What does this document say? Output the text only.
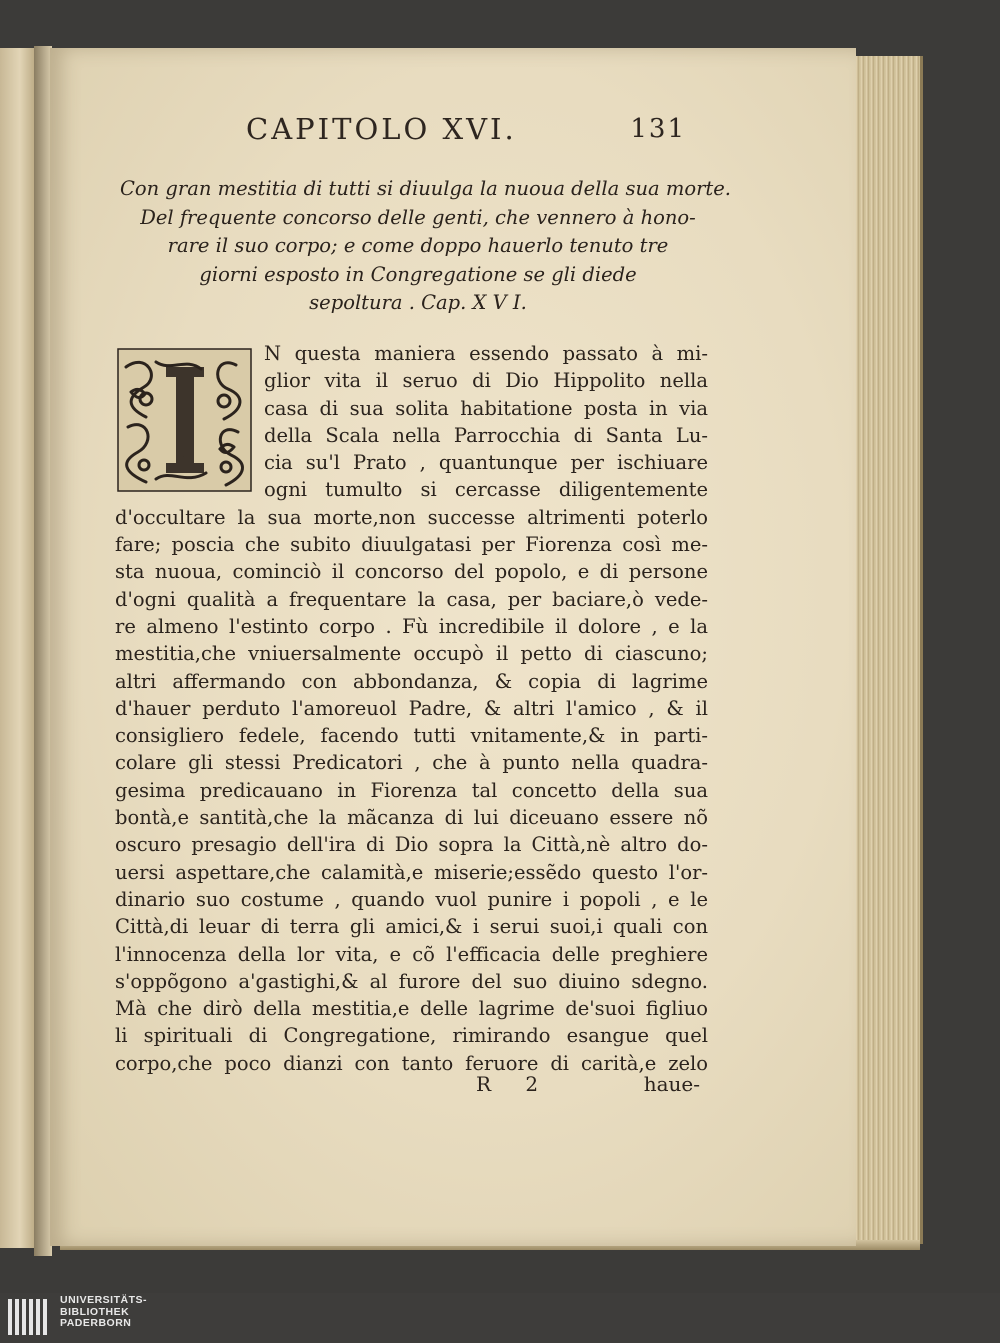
CAPITOLO XVI.	131
Con gran mestitia di tutti si diuulga la nuoua della sua morte.
Del frequente concorso delle genti, che vennero à hono-
rare il suo corpo; e come doppo hauerlo tenuto tre
giorni esposto in Congregatione se gli diede
sepoltura . Cap. X V I.
I
N questa maniera essendo passato à mi-
glior vita il seruo di Dio Hippolito nella
casa di sua solita habitatione posta in via
della Scala nella Parrocchia di Santa Lu-
cia su'l Prato , quantunque per ischiuare
ogni tumulto si cercasse diligentemente
d'occultare la sua morte,non successe altrimenti poterlo
fare; poscia che subito diuulgatasi per Fiorenza così me-
sta nuoua, cominciò il concorso del popolo, e di persone
d'ogni qualità a frequentare la casa, per baciare,ò vede-
re almeno l'estinto corpo . Fù incredibile il dolore , e la
mestitia,che vniuersalmente occupò il petto di ciascuno;
altri affermando con abbondanza, & copia di lagrime
d'hauer perduto l'amoreuol Padre, & altri l'amico , & il
consigliero fedele, facendo tutti vnitamente,& in parti-
colare gli stessi Predicatori , che à punto nella quadra-
gesima predicauano in Fiorenza tal concetto della sua
bontà,e santità,che la mãcanza di lui diceuano essere nõ
oscuro presagio dell'ira di Dio sopra la Città,nè altro do-
uersi aspettare,che calamità,e miserie;essẽdo questo l'or-
dinario suo costume , quando vuol punire i popoli , e le
Città,di leuar di terra gli amici,& i serui suoi,i quali con
l'innocenza della lor vita, e cõ l'efficacia delle preghiere
s'oppõgono a'gastighi,& al furore del suo diuino sdegno.
Mà che dirò della mestitia,e delle lagrime de'suoi figliuo
li spirituali di Congregatione, rimirando esangue quel
corpo,che poco dianzi con tanto feruore di carità,e zelo
R 2	haue-
UNIVERSITÄTS-
BIBLIOTHEK
PADERBORN
